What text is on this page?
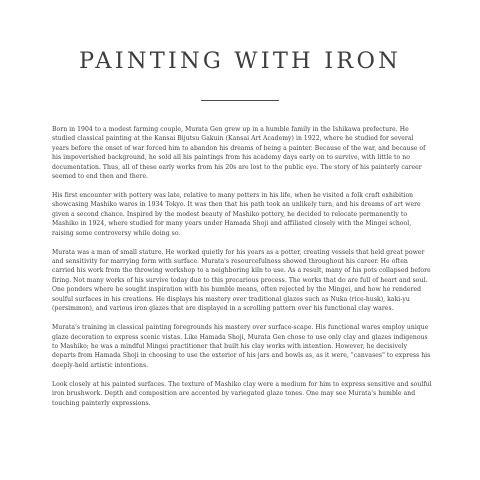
PAINTING WITH IRON

Born in 1904 to a modest farming couple, Murata Gen grew up in a humble family in the Ishikawa prefecture. He studied classical painting at the Kansai Bijutsu Gakuin (Kansai Art Academy) in 1922, where he studied for several years before the onset of war forced him to abandon his dreams of being a painter. Because of the war, and because of his impoverished background, he sold all his paintings from his academy days early on to survive, with little to no documentation. Thus, all of these early works from his 20s are lost to the public eye. The story of his painterly career seemed to end then and there.

His first encounter with pottery was late, relative to many potters in his life, when he visited a folk craft exhibition showcasing Mashiko wares in 1934 Tokyo. It was then that his path took an unlikely turn, and his dreams of art were given a second chance. Inspired by the modest beauty of Mashiko pottery, he decided to relocate permanently to Mashiko in 1924, where studied for many years under Hamada Shoji and affiliated closely with the Mingei school, raising some controversy while doing so.

Murata was a man of small stature. He worked quietly for his years as a potter, creating vessels that held great power and sensitivity for marrying form with surface. Murata's resourcefulness showed throughout his career. He often carried his work from the throwing workshop to a neighboring kiln to use. As a result, many of his pots collapsed before firing. Not many works of his survive today due to this precarious process. The works that do are full of heart and soul. One ponders where he sought inspiration with his humble means, often rejected by the Mingei, and how he rendered soulful surfaces in his creations. He displays his mastery over traditional glazes such as Nuka (rice-husk), kaki-yu (persimmon), and various iron glazes that are displayed in a scrolling pattern over his functional clay wares.

Murata's training in classical painting foregrounds his mastery over surface-scape. His functional wares employ unique glaze decoration to express scenic vistas. Like Hamada Shoji, Murata Gen chose to use only clay and glazes indigenous to Mashiko; he was a mindful Mingei practitioner that built his clay works with intention. However, he decisively departs from Hamada Shoji in choosing to use the exterior of his jars and bowls as, as it were, "canvases" to express his deeply-held artistic intentions.

Look closely at his painted surfaces. The texture of Mashiko clay were a medium for him to express sensitive and soulful iron brushwork. Depth and composition are accented by variegated glaze tones. One may see Murata's humble and touching painterly expressions.
